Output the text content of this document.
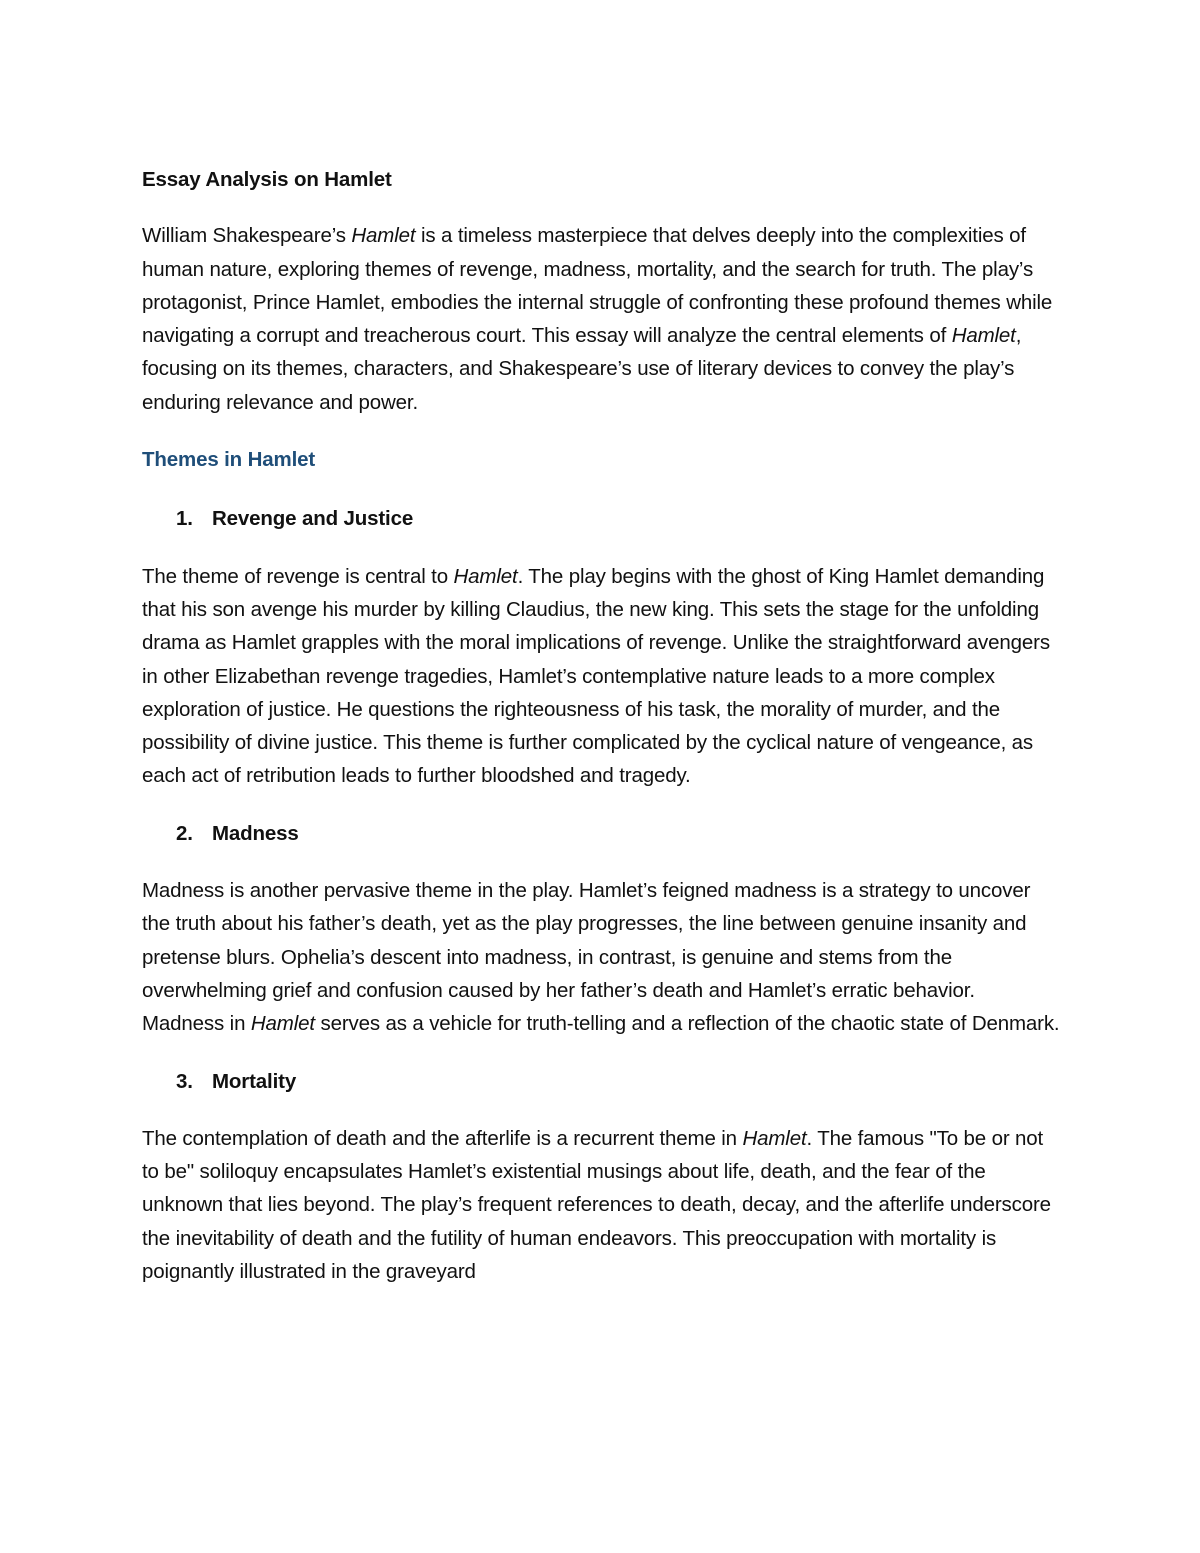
Essay Analysis on Hamlet

William Shakespeare’s Hamlet is a timeless masterpiece that delves deeply into the complexities of human nature, exploring themes of revenge, madness, mortality, and the search for truth. The play’s protagonist, Prince Hamlet, embodies the internal struggle of confronting these profound themes while navigating a corrupt and treacherous court. This essay will analyze the central elements of Hamlet, focusing on its themes, characters, and Shakespeare’s use of literary devices to convey the play’s enduring relevance and power.

Themes in Hamlet
1. Revenge and Justice

The theme of revenge is central to Hamlet. The play begins with the ghost of King Hamlet demanding that his son avenge his murder by killing Claudius, the new king. This sets the stage for the unfolding drama as Hamlet grapples with the moral implications of revenge. Unlike the straightforward avengers in other Elizabethan revenge tragedies, Hamlet’s contemplative nature leads to a more complex exploration of justice. He questions the righteousness of his task, the morality of murder, and the possibility of divine justice. This theme is further complicated by the cyclical nature of vengeance, as each act of retribution leads to further bloodshed and tragedy.

2. Madness

Madness is another pervasive theme in the play. Hamlet’s feigned madness is a strategy to uncover the truth about his father’s death, yet as the play progresses, the line between genuine insanity and pretense blurs. Ophelia’s descent into madness, in contrast, is genuine and stems from the overwhelming grief and confusion caused by her father’s death and Hamlet’s erratic behavior. Madness in Hamlet serves as a vehicle for truth-telling and a reflection of the chaotic state of Denmark.

3. Mortality

The contemplation of death and the afterlife is a recurrent theme in Hamlet. The famous "To be or not to be" soliloquy encapsulates Hamlet’s existential musings about life, death, and the fear of the unknown that lies beyond. The play’s frequent references to death, decay, and the afterlife underscore the inevitability of death and the futility of human endeavors. This preoccupation with mortality is poignantly illustrated in the graveyard
